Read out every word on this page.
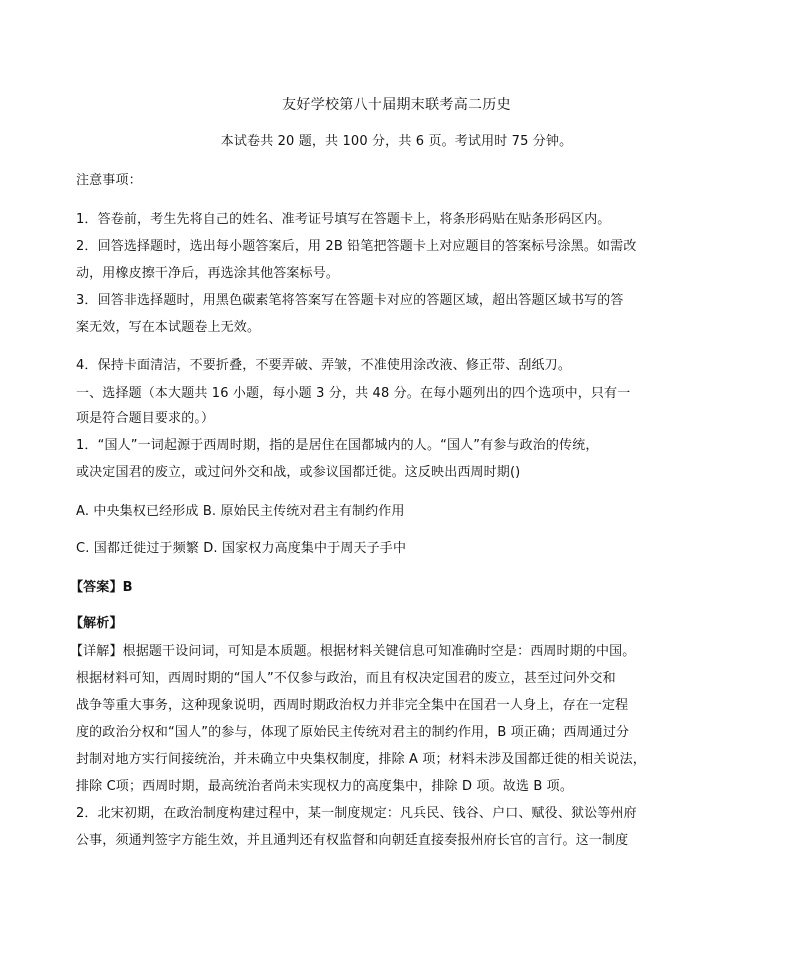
友好学校第八十届期末联考高二历史
本试卷共 20 题，共 100 分，共 6 页。考试用时 75 分钟。
注意事项：
1．答卷前，考生先将自己的姓名、准考证号填写在答题卡上，将条形码贴在贴条形码区内。
2．回答选择题时，选出每小题答案后，用 2B 铅笔把答题卡上对应题目的答案标号涂黑。如需改
动，用橡皮擦干净后，再选涂其他答案标号。
3．回答非选择题时，用黑色碳素笔将答案写在答题卡对应的答题区域，超出答题区域书写的答
案无效，写在本试题卷上无效。
4．保持卡面清洁，不要折叠，不要弄破、弄皱，不准使用涂改液、修正带、刮纸刀。
一、选择题（本大题共 16 小题，每小题 3 分，共 48 分。在每小题列出的四个选项中，只有一
项是符合题目要求的。）
1．“国人”一词起源于西周时期，指的是居住在国都城内的人。“国人”有参与政治的传统，
或决定国君的废立，或过问外交和战，或参议国都迁徙。这反映出西周时期()
A. 中央集权已经形成 B. 原始民主传统对君主有制约作用
C. 国都迁徙过于频繁 D. 国家权力高度集中于周天子手中
【答案】B
【解析】
【详解】根据题干设问词，可知是本质题。根据材料关键信息可知准确时空是：西周时期的中国。
根据材料可知，西周时期的“国人”不仅参与政治，而且有权决定国君的废立，甚至过问外交和
战争等重大事务，这种现象说明，西周时期政治权力并非完全集中在国君一人身上，存在一定程
度的政治分权和“国人”的参与，体现了原始民主传统对君主的制约作用，B 项正确；西周通过分
封制对地方实行间接统治，并未确立中央集权制度，排除 A 项；材料未涉及国都迁徙的相关说法，
排除 C项；西周时期，最高统治者尚未实现权力的高度集中，排除 D 项。故选 B 项。
2．北宋初期，在政治制度构建过程中，某一制度规定：凡兵民、钱谷、户口、赋役、狱讼等州府
公事，须通判签字方能生效，并且通判还有权监督和向朝廷直接奏报州府长官的言行。这一制度
